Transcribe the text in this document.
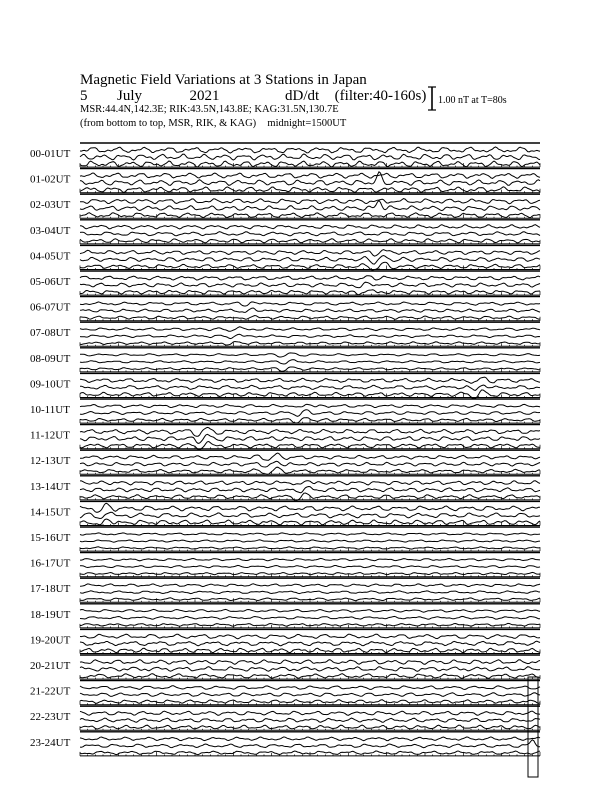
Magnetic Field Variations at 3 Stations in Japan
5 July	2021	dD/dt (filter:40-160s)
MSR:44.4N,142.3E; RIK:43.5N,143.8E; KAG:31.5N,130.7E
(from bottom to top, MSR, RIK, & KAG) midnight=1500UT
1.00 nT at T=80s
00-01UT
01-02UT
02-03UT
03-04UT
04-05UT
05-06UT
06-07UT
07-08UT
08-09UT
09-10UT
10-11UT
11-12UT
12-13UT
13-14UT
14-15UT
15-16UT
16-17UT
17-18UT
18-19UT
19-20UT
20-21UT
21-22UT
22-23UT
23-24UT
